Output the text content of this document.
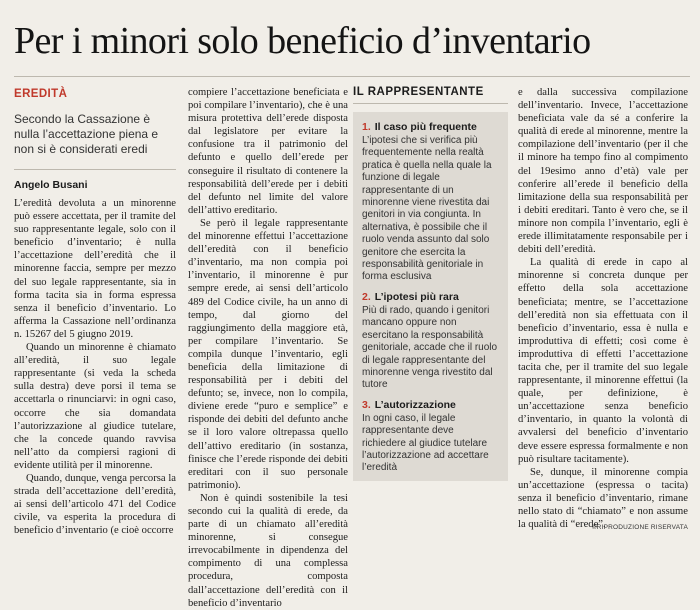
Per i minori solo beneficio d’inventario
EREDITÀ
Secondo la Cassazione è nulla l’accettazione piena e non si è considerati eredi
Angelo Busani

L’eredità devoluta a un minorenne può essere accettata, per il tramite del suo rappresentante legale, solo con il beneficio d’inventario; è nulla l’accettazione dell’eredità che il minorenne faccia, sempre per mezzo del suo legale rappresentante, sia in forma tacita sia in forma espressa senza il beneficio d’inventario. Lo afferma la Cassazione nell’ordinanza n. 15267 del 5 giugno 2019.

Quando un minorenne è chiamato all’eredità, il suo legale rappresentante (si veda la scheda sulla destra) deve porsi il tema se accettarla o rinunciarvi: in ogni caso, occorre che sia domandata l’autorizzazione al giudice tutelare, che la concede quando ravvisa nell’atto da compiersi ragioni di evidente utilità per il minorenne.

Quando, dunque, venga percorsa la strada dell’accettazione dell’eredità, ai sensi dell’articolo 471 del Codice civile, va esperita la procedura di beneficio d’inventario (e cioè occorre

compiere l’accettazione beneficiata e poi compilare l’inventario), che è una misura protettiva dell’erede disposta dal legislatore per evitare la confusione tra il patrimonio del defunto e quello dell’erede per conseguire il risultato di contenere la responsabilità dell’erede per i debiti del defunto nel limite del valore dell’attivo ereditario.

Se però il legale rappresentante del minorenne effettui l’accettazione dell’eredità con il beneficio d’inventario, ma non compia poi l’inventario, il minorenne è pur sempre erede, ai sensi dell’articolo 489 del Codice civile, ha un anno di tempo, dal giorno del raggiungimento della maggiore età, per compilare l’inventario. Se compila dunque l’inventario, egli beneficia della limitazione di responsabilità per i debiti del defunto; se, invece, non lo compila, diviene erede “puro e semplice” e risponde dei debiti del defunto anche se il loro valore oltrepassa quello dell’attivo ereditario (in sostanza, finisce che l’erede risponde dei debiti ereditari con il suo personale patrimonio).

Non è quindi sostenibile la tesi secondo cui la qualità di erede, da parte di un chiamato all’eredità minorenne, si consegue irrevocabilmente in dipendenza del compimento di una complessa procedura, composta dall’accettazione dell’eredità con il beneficio d’inventario

IL RAPPRESENTANTE
1. Il caso più frequente

L’ipotesi che si verifica più frequentemente nella realtà pratica è quella nella quale la funzione di legale rappresentante di un minorenne viene rivestita dai genitori in via congiunta. In alternativa, è possibile che il ruolo venda assunto dal solo genitore che esercita la responsabilità genitoriale in forma esclusiva

2. L’ipotesi più rara

Più di rado, quando i genitori mancano oppure non esercitano la responsabilità genitoriale, accade che il ruolo di legale rappresentante del minorenne venga rivestito dal tutore

3. L’autorizzazione

In ogni caso, il legale rappresentante deve richiedere al giudice tutelare l’autorizzazione ad accettare l’eredità

e dalla successiva compilazione dell’inventario. Invece, l’accettazione beneficiata vale da sé a conferire la qualità di erede al minorenne, mentre la compilazione dell’inventario (per il che il minore ha tempo fino al compimento del 19esimo anno d’età) vale per conferire all’erede il beneficio della limitazione della sua responsabilità per i debiti ereditari. Tanto è vero che, se il minore non compila l’inventario, egli è erede illimitatamente responsabile per i debiti dell’eredità.

La qualità di erede in capo al minorenne si concreta dunque per effetto della sola accettazione beneficiata; mentre, se l’accettazione dell’eredità non sia effettuata con il beneficio d’inventario, essa è nulla e improduttiva di effetti; così come è improduttiva di effetti l’accettazione tacita che, per il tramite del suo legale rappresentante, il minorenne effettui (la quale, per definizione, è un’accettazione senza beneficio d’inventario, in quanto la volontà di avvalersi del beneficio d’inventario deve essere espressa formalmente e non può risultare tacitamente).

Se, dunque, il minorenne compia un’accettazione (espressa o tacita) senza il beneficio d’inventario, rimane nello stato di “chiamato” e non assume la qualità di “erede”.

©RIPRODUZIONE RISERVATA
